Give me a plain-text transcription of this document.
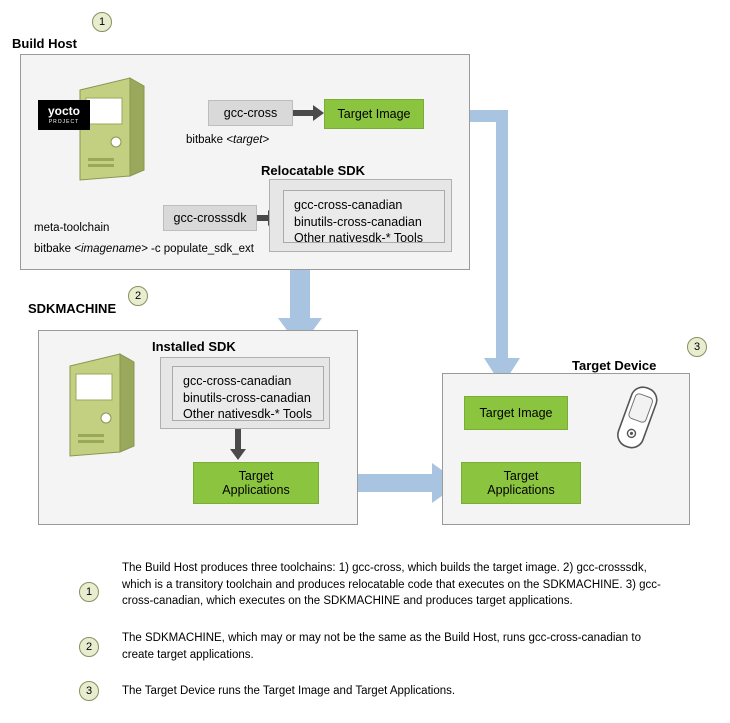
Build Host
1
yocto
PROJECT
gcc-cross	Target Image
bitbake <target>
Relocatable SDK
gcc-crosssdk
gcc-cross-canadian
binutils-cross-canadian
Other nativesdk-* Tools
meta-toolchain
bitbake <imagename> -c populate_sdk_ext
SDKMACHINE
2
Installed SDK
gcc-cross-canadian
binutils-cross-canadian
Other nativesdk-* Tools
Target
Applications
Target Device
3
Target Image
Target
Applications
1
The Build Host produces three toolchains: 1) gcc-cross, which builds the target image. 2) gcc-crosssdk, which is a transitory toolchain and produces relocatable code that executes on the SDKMACHINE. 3) gcc-cross-canadian, which executes on the SDKMACHINE and produces target applications.
2
The SDKMACHINE, which may or may not be the same as the Build Host, runs gcc-cross-canadian to create target applications.
3	The Target Device runs the Target Image and Target Applications.
